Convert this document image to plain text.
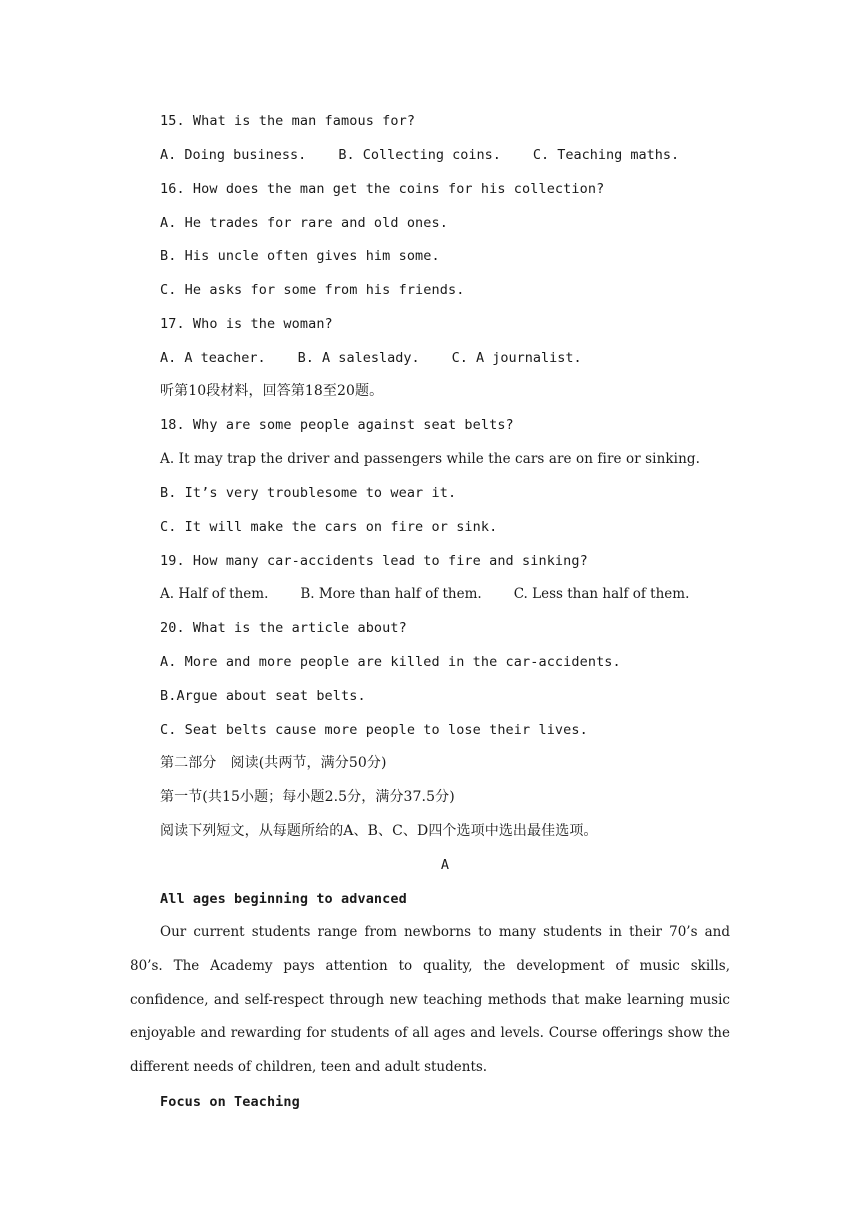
15. What is the man famous for?

A. Doing business. B. Collecting coins. C. Teaching maths.

16. How does the man get the coins for his collection?

A. He trades for rare and old ones.

B. His uncle often gives him some.

C. He asks for some from his friends.

17. Who is the woman?

A. A teacher. B. A saleslady. C. A journalist.

听第10段材料，回答第18至20题。

18. Why are some people against seat belts?

A. It may trap the driver and passengers while the cars are on fire or sinking.

B. It’s very troublesome to wear it.

C. It will make the cars on fire or sink.

19. How many car-accidents lead to fire and sinking?

A. Half of them. B. More than half of them. C. Less than half of them.

20. What is the article about?

A. More and more people are killed in the car-accidents.

B.Argue about seat belts.

C. Seat belts cause more people to lose their lives.

第二部分　阅读(共两节，满分50分)

第一节(共15小题；每小题2.5分，满分37.5分)

阅读下列短文，从每题所给的A、B、C、D四个选项中选出最佳选项。

A

All ages beginning to advanced

Our current students range from newborns to many students in their 70’s and 80’s. The Academy pays attention to quality, the development of music skills, confidence, and self-respect through new teaching methods that make learning music enjoyable and rewarding for students of all ages and levels. Course offerings show the different needs of children, teen and adult students.

Focus on Teaching
